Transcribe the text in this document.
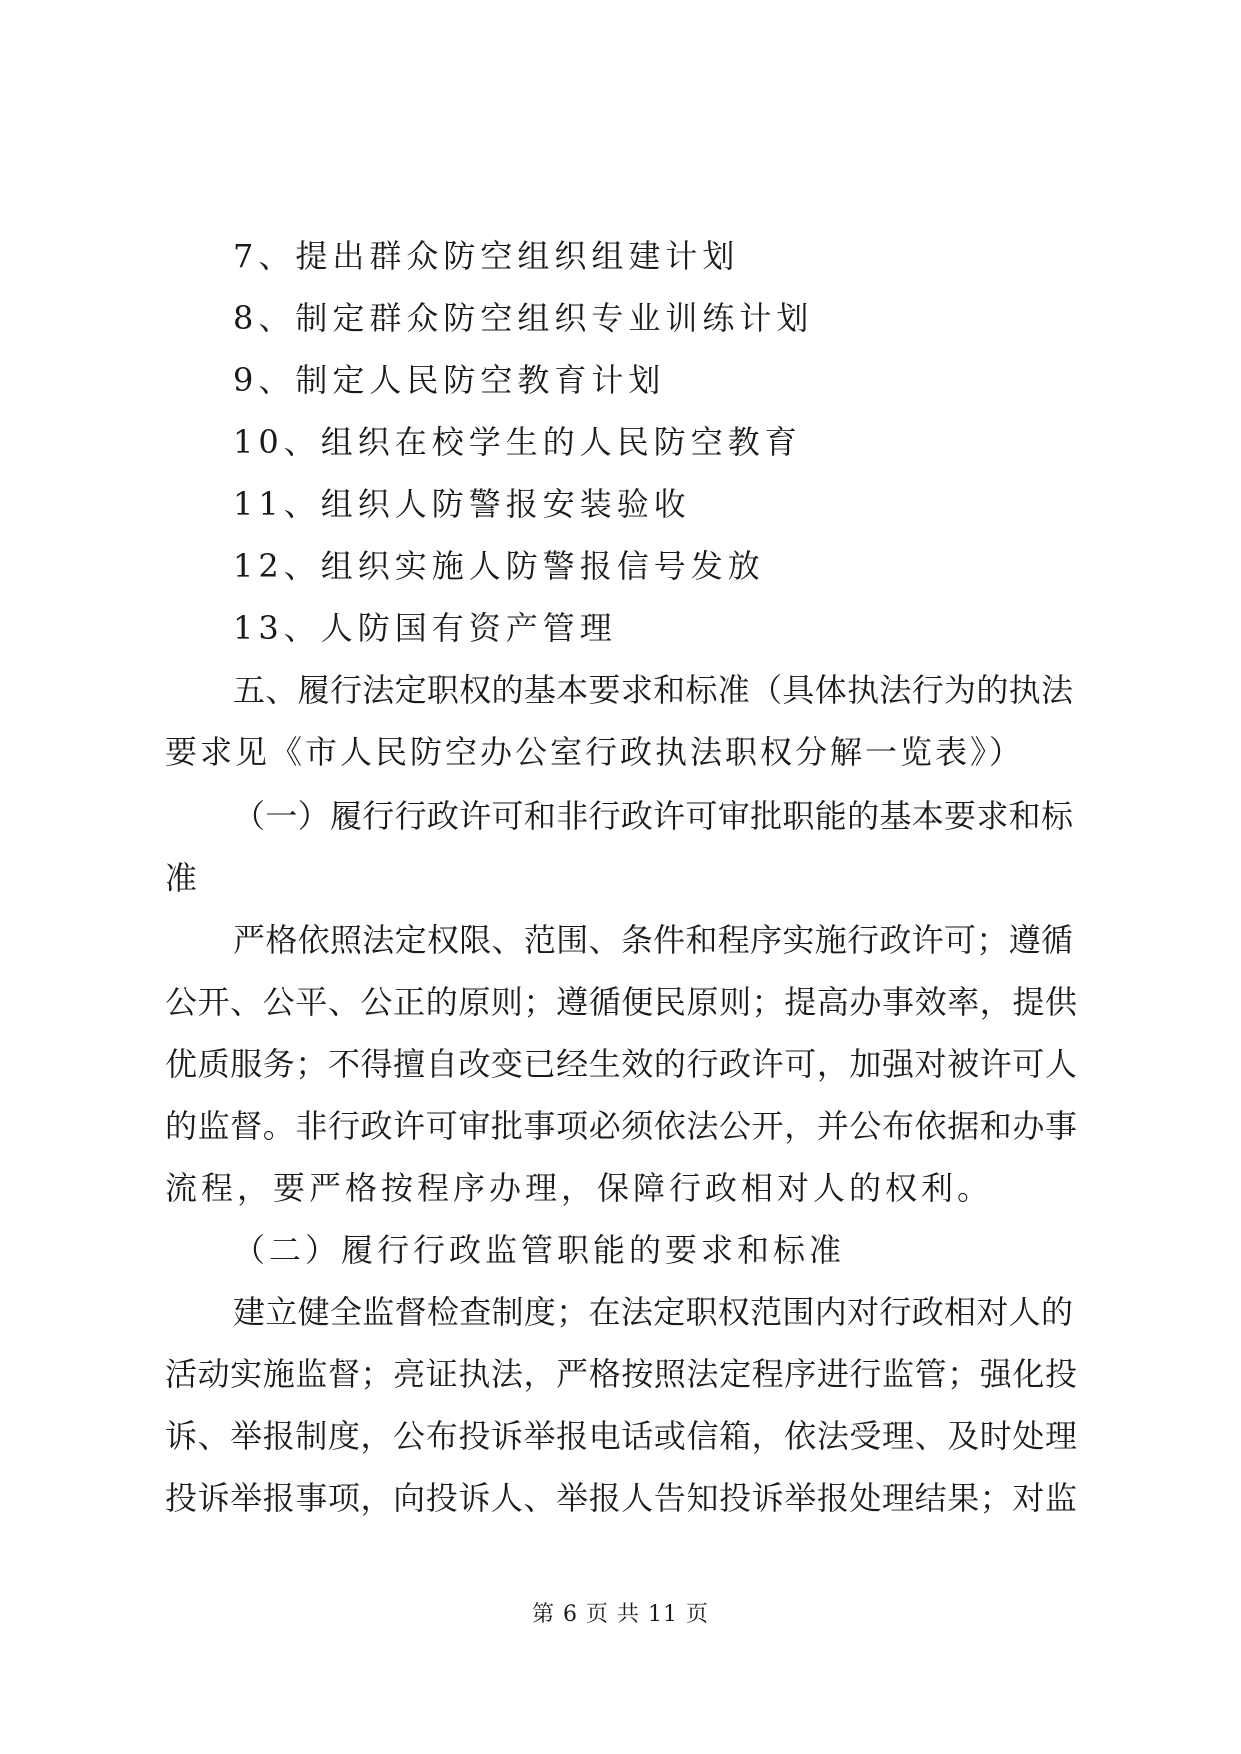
7、提出群众防空组织组建计划
8、制定群众防空组织专业训练计划
9、制定人民防空教育计划
10、组织在校学生的人民防空教育
11、组织人防警报安装验收
12、组织实施人防警报信号发放
13、人防国有资产管理
五、履行法定职权的基本要求和标准（具体执法行为的执法
要求见《市人民防空办公室行政执法职权分解一览表》）
（一）履行行政许可和非行政许可审批职能的基本要求和标
准
严格依照法定权限、范围、条件和程序实施行政许可；遵循
公开、公平、公正的原则；遵循便民原则；提高办事效率，提供
优质服务；不得擅自改变已经生效的行政许可，加强对被许可人
的监督。非行政许可审批事项必须依法公开，并公布依据和办事
流程，要严格按程序办理，保障行政相对人的权利。
（二）履行行政监管职能的要求和标准
建立健全监督检查制度；在法定职权范围内对行政相对人的
活动实施监督；亮证执法，严格按照法定程序进行监管；强化投
诉、举报制度，公布投诉举报电话或信箱，依法受理、及时处理
投诉举报事项，向投诉人、举报人告知投诉举报处理结果；对监
第 6 页 共 11 页
